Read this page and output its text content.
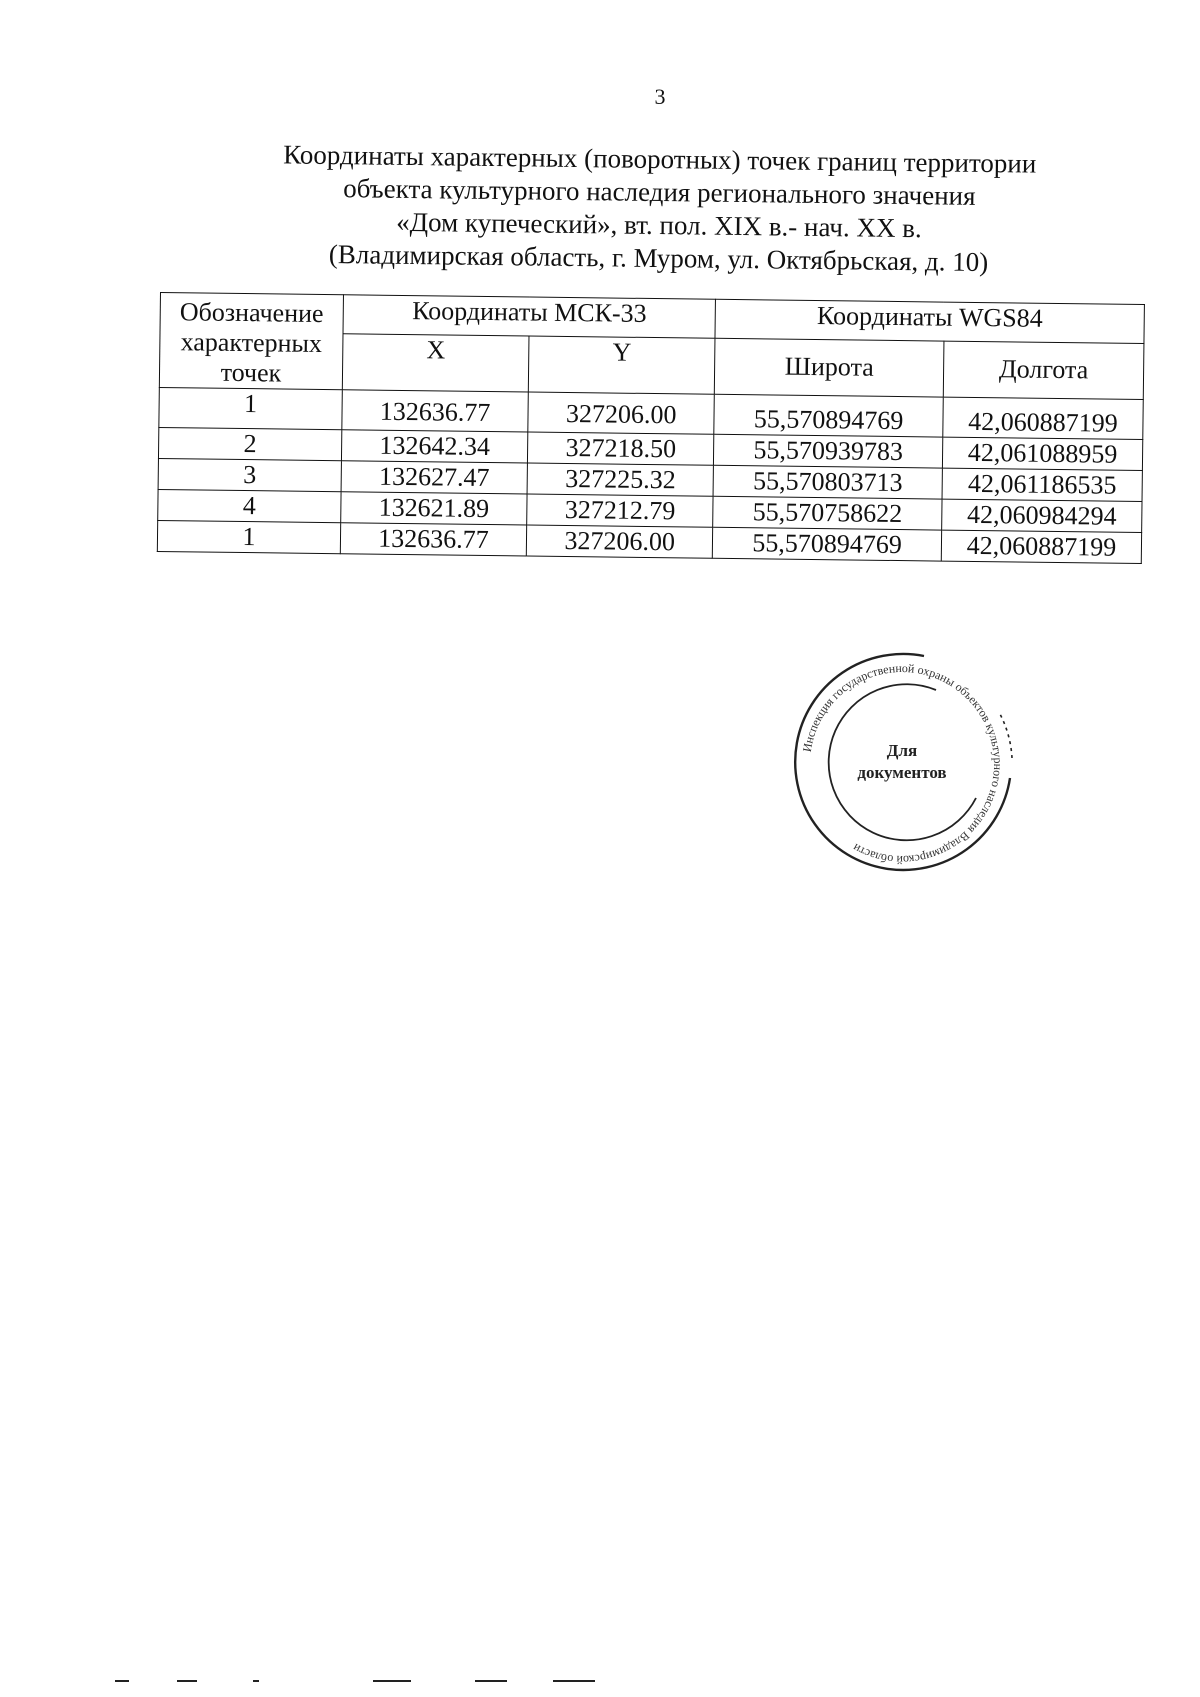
3
Координаты характерных (поворотных) точек границ территории
объекта культурного наследия регионального значения
«Дом купеческий», вт. пол. XIX в.- нач. XX в.
(Владимирская область, г. Муром, ул. Октябрьская, д. 10)
Обозначение
характерных
точек	Координаты МСК-33		Координаты WGS84	
	X	Y	Широта	Долгота
1	132636.77	327206.00	55,570894769	42,060887199
2	132642.34	327218.50	55,570939783	42,061088959
3	132627.47	327225.32	55,570803713	42,061186535
4	132621.89	327212.79	55,570758622	42,060984294
1	132636.77	327206.00	55,570894769	42,060887199
Инспекция государственной охраны объектов культурного наследия Владимирской области
Для
документов
